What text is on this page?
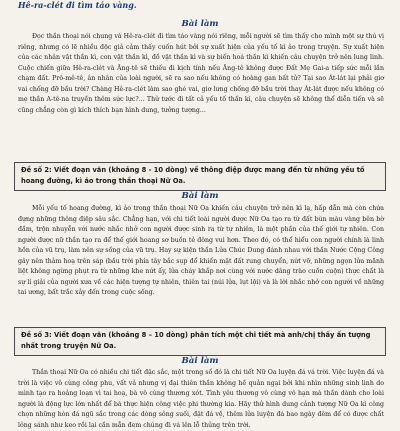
Hê-ra-clét đi tìm táo vàng.
Bài làm

Đọc thần thoại nói chung và Hê-ra-clét đi tìm táo vàng nói riêng, mỗi người sẽ tìm thấy cho mình một sự thú vị riêng, nhưng có lẽ nhiều độc giả cảm thấy cuốn hút bởi sự xuất hiện của yếu tố kì ảo trong truyện. Sự xuất hiện của các nhân vật thần kì, con vật thần kì, đồ vật thần kì và sự biến hoá thần kì khiến câu chuyện trở nên lung linh. Cuộc chiến giữa Hê-ra-clét và Ăng-tê sẽ thiếu đi kịch tính nếu Ăng-tê không được Đất Mẹ Gai-a tiếp sức mỗi lần chạm đất. Prô-mê-tê, ân nhân của loài người, sẽ ra sao nếu không có hoàng gan bất tử? Tại sao Át-lát lại phải giơ vai chống đỡ bầu trời? Chàng Hê-ra-clét làm sao ghé vai, giơ lưng chống đỡ bầu trời thay Át-lát được nếu không có mẹ thần A-tê-na truyền thêm sức lực?... Thử tước đi tất cả yếu tố thần kì, câu chuyện sẽ không thể diễn tiến và sẽ cũng chẳng còn gì kích thích bạn hình dung, tưởng tượng...

Đề số 2: Viết đoạn văn (khoảng 8 - 10 dòng) về thông điệp được mang đến từ những yếu tố hoang đường, kì ảo trong thần thoại Nữ Oa.
Bài làm

Mỗi yếu tố hoang đường, kì ảo trong thần thoại Nữ Oa khiến câu chuyện trở nên kì lạ, hấp dẫn mà còn chứa đựng những thông điệp sâu sắc. Chẳng hạn, với chi tiết loài người được Nữ Oa tạo ra từ đất bùn màu vàng bên bờ đầm, trộn nhuyễn với nước nhắc nhở con người được sinh ra từ tự nhiên, là một phần của thế giới tự nhiên. Con người được nữ thần tạo ra để thế giới hoang sơ buồn tẻ đông vui hơn. Theo đó, có thể hiểu con người chính là linh hồn của vũ trụ, làm nên sự sống của vũ trụ. Hay sự kiện thần Lửa Chúc Dung đánh nhau với thần Nước Cộng Công gây nên thảm hoạ trên sáp (bầu trời phía tây bắc sụp đổ khiến mặt đất rung chuyển, nứt vỡ, những ngọn lửa mãnh liệt không ngừng phụt ra từ những khe nứt ấy, lửa cháy khắp nơi cùng với nước dâng trào cuồn cuộn) thực chất là sự lí giải của người xưa về các hiện tượng tự nhiên, thiên tai (núi lửa, lụt lội) và là lời nhắc nhở con người về những tai ương, bất trắc xảy đến trong cuộc sống.

Đề số 3: Viết đoạn văn (khoảng 8 – 10 dòng) phân tích một chi tiết mà anh/chị thấy ấn tượng nhất trong truyện Nữ Oa.
Bài làm

Thần thoại Nữ Oa có nhiều chi tiết đặc sắc, một trong số đó là chi tiết Nữ Oa luyện đá vá trời. Việc luyện đá và trời là việc vô cùng công phu, vất vả nhưng vị đại thiên thần không hề quản ngại bởi khi nhìn những sinh linh do mình tạo ra hoảng loạn vì tai hoạ, bà vô cùng thương xót. Tình yêu thương vô cùng vô hạn mà thần dành cho loài người là động lực lớn nhất để bà thực hiện công việc phi thường kia. Hãy thử hình dung cảnh tượng Nữ Oa kì công chọn những hòn đá ngũ sắc trong các dòng sông suối, đặt đá vệ, thêm lửa luyện đá bao ngày đêm để có được chất lỏng sánh như keo rồi lại cần mẫn đem chúng đi vá lên lỗ thủng trên trời.
